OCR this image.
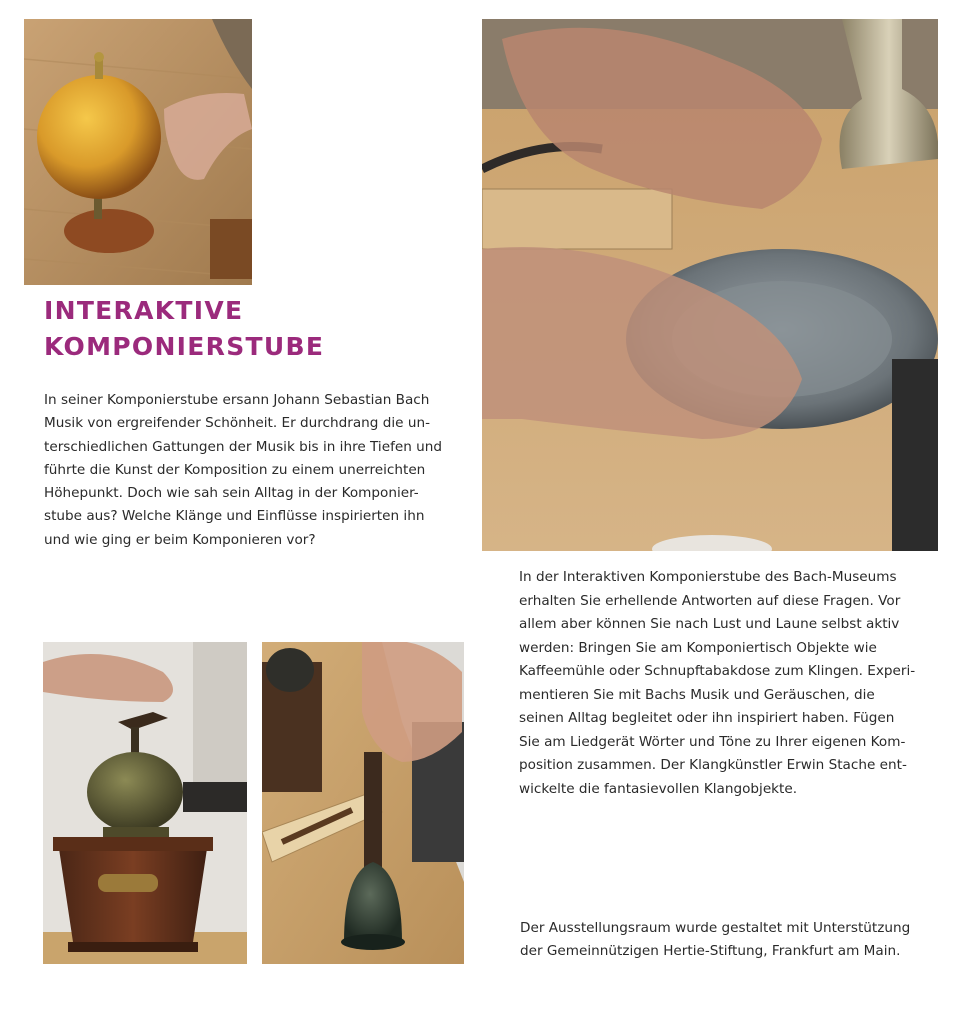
INTERAKTIVE
KOMPONIERSTUBE
In seiner Komponierstube ersann Johann Sebastian Bach
Musik von ergreifender Schönheit. Er durchdrang die un-
terschiedlichen Gattungen der Musik bis in ihre Tiefen und
führte die Kunst der Komposition zu einem unerreichten
Höhepunkt. Doch wie sah sein Alltag in der Komponier-
stube aus? Welche Klänge und Einflüsse inspirierten ihn
und wie ging er beim Komponieren vor?
In der Interaktiven Komponierstube des Bach-Museums
erhalten Sie erhellende Antworten auf diese Fragen. Vor
allem aber können Sie nach Lust und Laune selbst aktiv
werden: Bringen Sie am Komponiertisch Objekte wie
Kaffeemühle oder Schnupftabakdose zum Klingen. Experi-
mentieren Sie mit Bachs Musik und Geräuschen, die
seinen Alltag begleitet oder ihn inspiriert haben. Fügen
Sie am Liedgerät Wörter und Töne zu Ihrer eigenen Kom-
position zusammen. Der Klangkünstler Erwin Stache ent-
wickelte die fantasievollen Klangobjekte.
Der Ausstellungsraum wurde gestaltet mit Unterstützung
der Gemeinnützigen Hertie-Stiftung, Frankfurt am Main.
